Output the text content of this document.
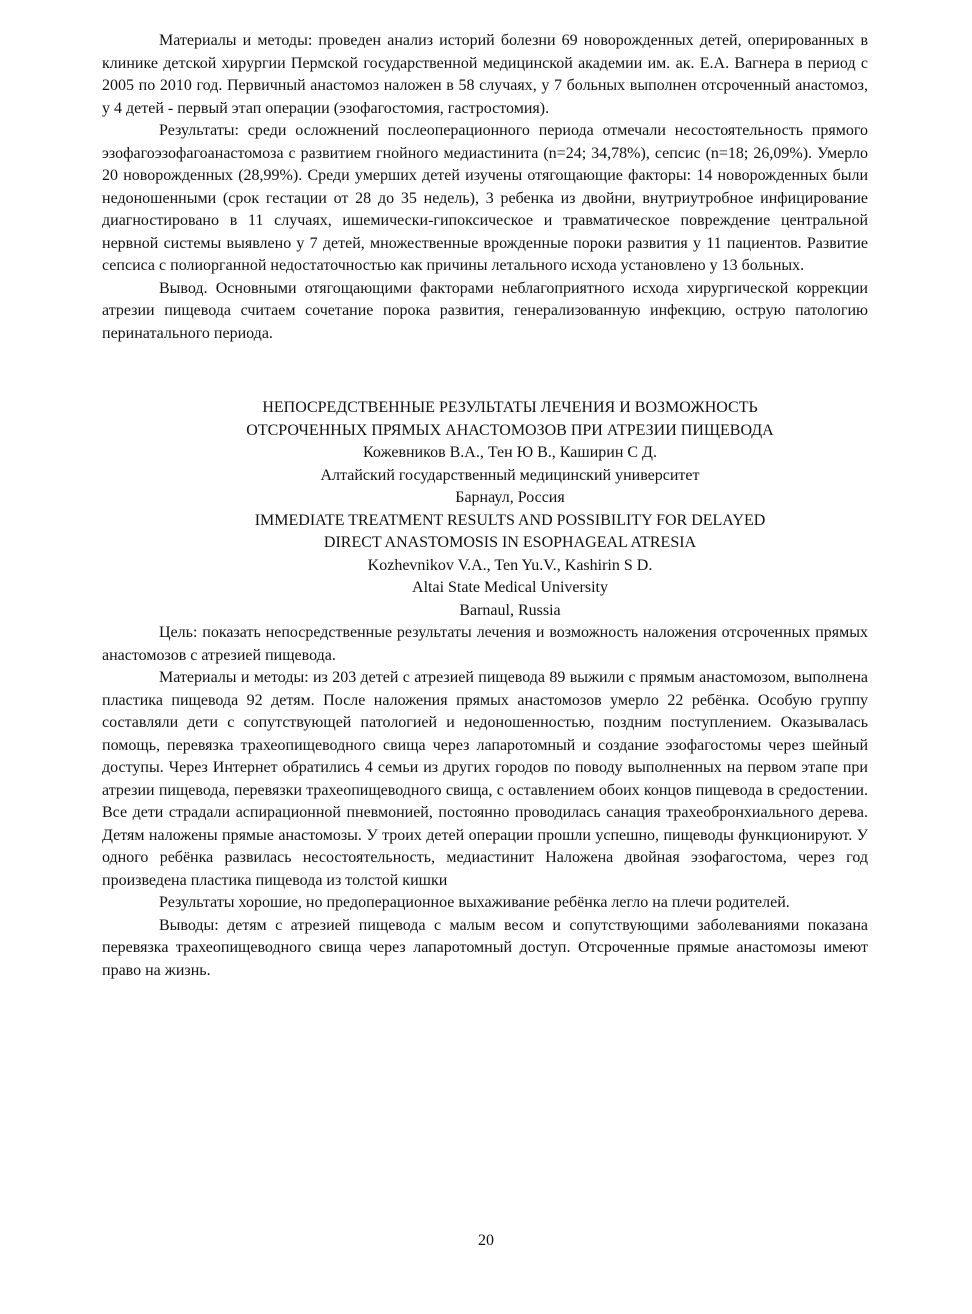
Материалы и методы: проведен анализ историй болезни 69 новорожденных детей, оперированных в клинике детской хирургии Пермской государственной медицинской академии им. ак. Е.А. Вагнера в период с 2005 по 2010 год. Первичный анастомоз наложен в 58 случаях, у 7 больных выполнен отсроченный анастомоз, у 4 детей - первый этап операции (эзофагостомия, гастростомия).

Результаты: среди осложнений послеоперационного периода отмечали несостоятельность прямого эзофагоэзофагоанастомоза с развитием гнойного медиастинита (n=24; 34,78%), сепсис (n=18; 26,09%). Умерло 20 новорожденных (28,99%). Среди умерших детей изучены отягощающие факторы: 14 новорожденных были недоношенными (срок гестации от 28 до 35 недель), 3 ребенка из двойни, внутриутробное инфицирование диагностировано в 11 случаях, ишемически-гипоксическое и травматическое повреждение центральной нервной системы выявлено у 7 детей, множественные врожденные пороки развития у 11 пациентов. Развитие сепсиса с полиорганной недостаточностью как причины летального исхода установлено у 13 больных.

Вывод. Основными отягощающими факторами неблагоприятного исхода хирургической коррекции атрезии пищевода считаем сочетание порока развития, генерализованную инфекцию, острую патологию перинатального периода.

НЕПОСРЕДСТВЕННЫЕ РЕЗУЛЬТАТЫ ЛЕЧЕНИЯ И ВОЗМОЖНОСТЬ
ОТСРОЧЕННЫХ ПРЯМЫХ АНАСТОМОЗОВ ПРИ АТРЕЗИИ ПИЩЕВОДА
Кожевников В.А., Тен Ю В., Каширин С Д.
Алтайский государственный медицинский университет
Барнаул, Россия
IMMEDIATE TREATMENT RESULTS AND POSSIBILITY FOR DELAYED
DIRECT ANASTOMOSIS IN ESOPHAGEAL ATRESIA
Kozhevnikov V.A., Ten Yu.V., Kashirin S D.
Altai State Medical University
Barnaul, Russia

Цель: показать непосредственные результаты лечения и возможность наложения отсроченных прямых анастомозов с атрезией пищевода.

Материалы и методы: из 203 детей с атрезией пищевода 89 выжили с прямым анастомозом, выполнена пластика пищевода 92 детям. После наложения прямых анастомозов умерло 22 ребёнка. Особую группу составляли дети с сопутствующей патологией и недоношенностью, поздним поступлением. Оказывалась помощь, перевязка трахеопищеводного свища через лапаротомный и создание эзофагостомы через шейный доступы. Через Интернет обратились 4 семьи из других городов по поводу выполненных на первом этапе при атрезии пищевода, перевязки трахеопищеводного свища, с оставлением обоих концов пищевода в средостении. Все дети страдали аспирационной пневмонией, постоянно проводилась санация трахеобронхиального дерева. Детям наложены прямые анастомозы. У троих детей операции прошли успешно, пищеводы функционируют. У одного ребёнка развилась несостоятельность, медиастинит Наложена двойная эзофагостома, через год произведена пластика пищевода из толстой кишки

Результаты хорошие, но предоперационное выхаживание ребёнка легло на плечи родителей.

Выводы: детям с атрезией пищевода с малым весом и сопутствующими заболеваниями показана перевязка трахеопищеводного свища через лапаротомный доступ. Отсроченные прямые анастомозы имеют право на жизнь.

20
